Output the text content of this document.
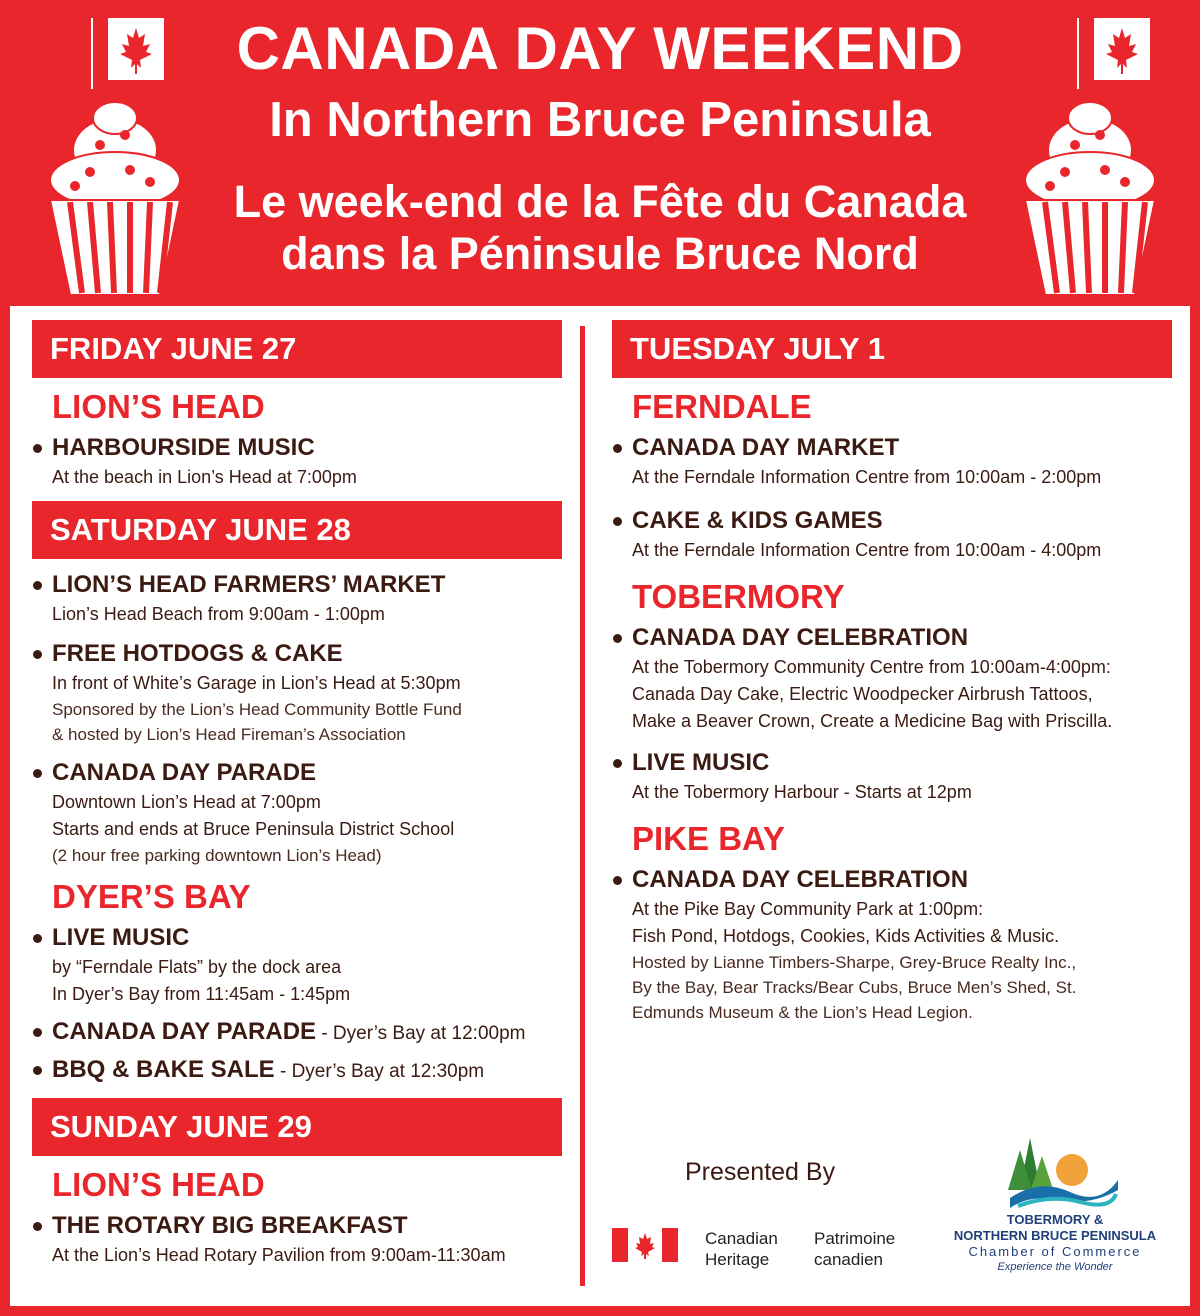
CANADA DAY WEEKEND
In Northern Bruce Peninsula
Le week-end de la Fête du Canada
dans la Péninsule Bruce Nord
FRIDAY JUNE 27
LION’S HEAD
HARBOURSIDE MUSIC
At the beach in Lion’s Head at 7:00pm
SATURDAY JUNE 28
LION’S HEAD FARMERS’ MARKET
Lion’s Head Beach from 9:00am - 1:00pm
FREE HOTDOGS & CAKE
In front of White’s Garage in Lion’s Head at 5:30pm
Sponsored by the Lion’s Head Community Bottle Fund
& hosted by Lion’s Head Fireman’s Association
CANADA DAY PARADE
Downtown Lion’s Head at 7:00pm
Starts and ends at Bruce Peninsula District School
(2 hour free parking downtown Lion’s Head)
DYER’S BAY
LIVE MUSIC
by “Ferndale Flats” by the dock area
In Dyer’s Bay from 11:45am - 1:45pm
CANADA DAY PARADE - Dyer’s Bay at 12:00pm
BBQ & BAKE SALE - Dyer’s Bay at 12:30pm
SUNDAY JUNE 29
LION’S HEAD
THE ROTARY BIG BREAKFAST
At the Lion’s Head Rotary Pavilion from 9:00am-11:30am
TUESDAY JULY 1
FERNDALE
CANADA DAY MARKET
At the Ferndale Information Centre from 10:00am - 2:00pm
CAKE & KIDS GAMES
At the Ferndale Information Centre from 10:00am - 4:00pm
TOBERMORY
CANADA DAY CELEBRATION
At the Tobermory Community Centre from 10:00am-4:00pm:
Canada Day Cake, Electric Woodpecker Airbrush Tattoos,
Make a Beaver Crown, Create a Medicine Bag with Priscilla.
LIVE MUSIC
At the Tobermory Harbour - Starts at 12pm
PIKE BAY
CANADA DAY CELEBRATION
At the Pike Bay Community Park at 1:00pm:
Fish Pond, Hotdogs, Cookies, Kids Activities & Music.
Hosted by Lianne Timbers-Sharpe, Grey-Bruce Realty Inc.,
By the Bay, Bear Tracks/Bear Cubs, Bruce Men’s Shed, St.
Edmunds Museum & the Lion’s Head Legion.
Presented By
Canadian
Heritage
Patrimoine
canadien
TOBERMORY &
NORTHERN BRUCE PENINSULA
Chamber of Commerce
Experience the Wonder
